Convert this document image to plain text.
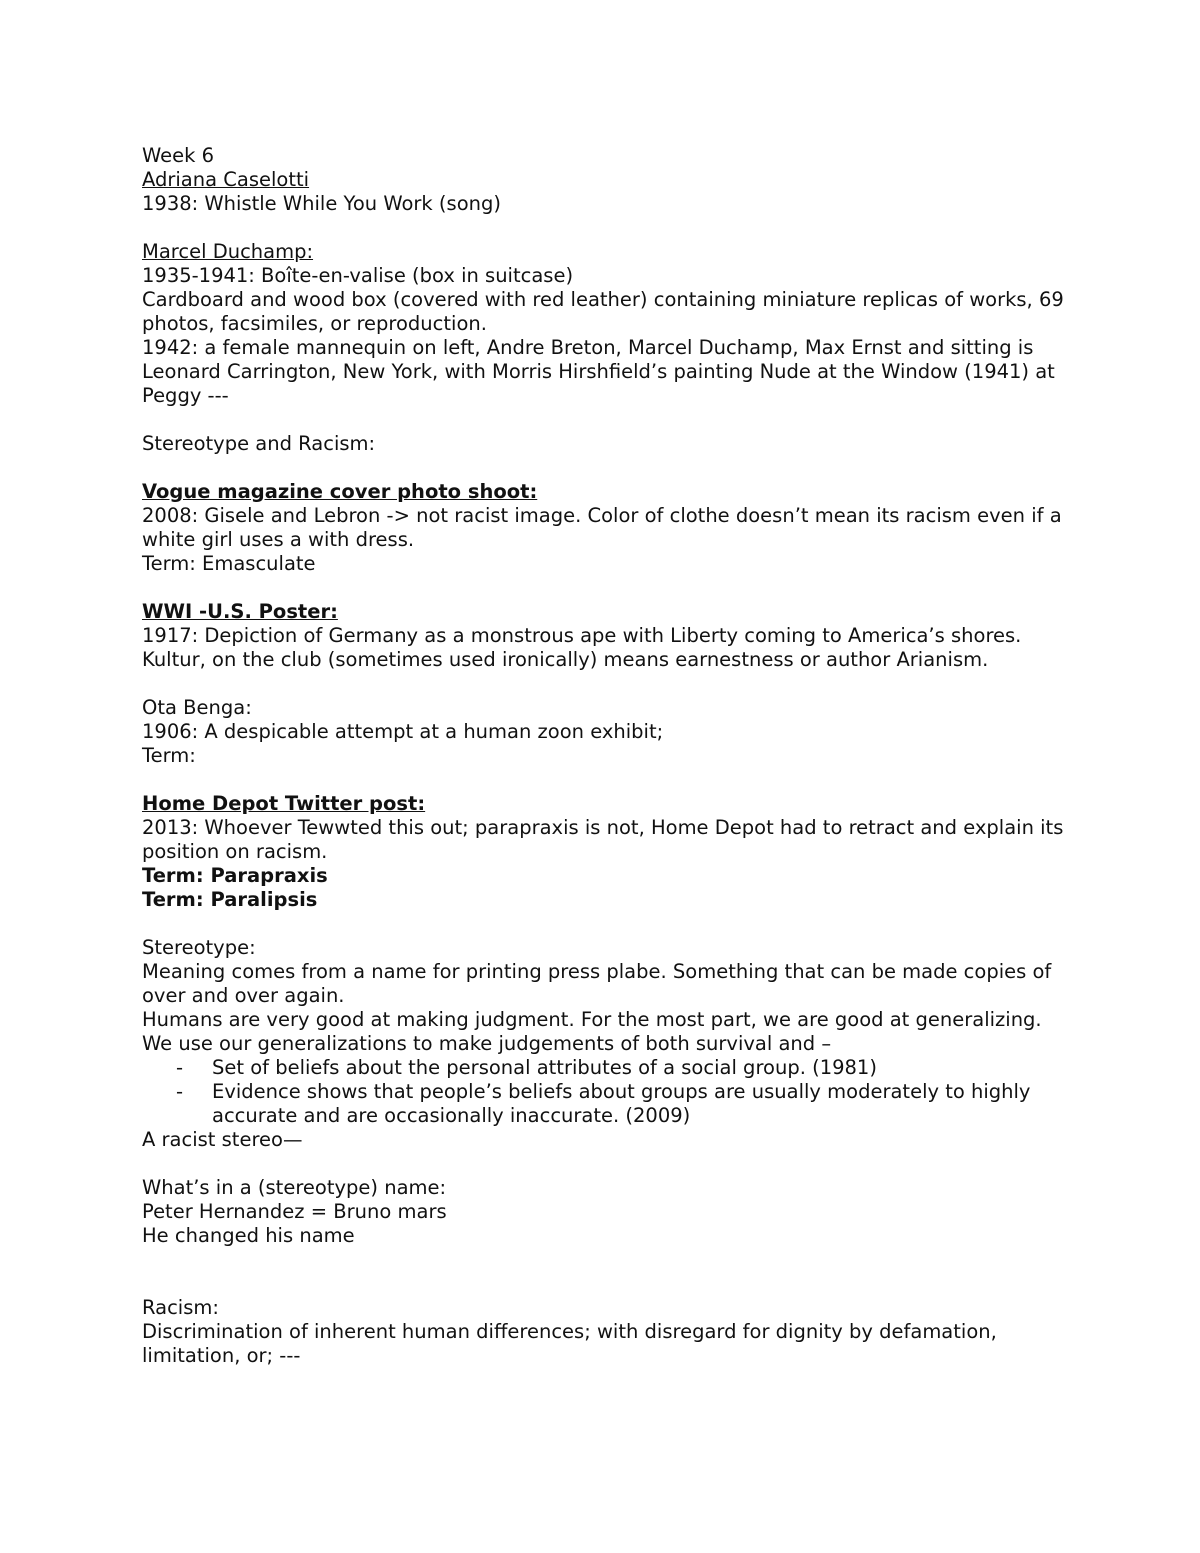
Week 6
Adriana Caselotti
1938: Whistle While You Work (song)
Marcel Duchamp:
1935-1941: Boîte-en-valise (box in suitcase)
Cardboard and wood box (covered with red leather) containing miniature replicas of works, 69 photos, facsimiles, or reproduction.
1942: a female mannequin on left, Andre Breton, Marcel Duchamp, Max Ernst and sitting is Leonard Carrington, New York, with Morris Hirshfield’s painting Nude at the Window (1941) at Peggy ---
Stereotype and Racism:
Vogue magazine cover photo shoot:
2008: Gisele and Lebron -> not racist image. Color of clothe doesn’t mean its racism even if a white girl uses a with dress.
Term: Emasculate
WWI -U.S. Poster:
1917: Depiction of Germany as a monstrous ape with Liberty coming to America’s shores.
Kultur, on the club (sometimes used ironically) means earnestness or author Arianism.
Ota Benga:
1906: A despicable attempt at a human zoon exhibit;
Term:
Home Depot Twitter post:
2013: Whoever Tewwted this out; parapraxis is not, Home Depot had to retract and explain its position on racism.
Term: Parapraxis
Term: Paralipsis
Stereotype:
Meaning comes from a name for printing press plabe. Something that can be made copies of over and over again.
Humans are very good at making judgment. For the most part, we are good at generalizing. We use our generalizations to make judgements of both survival and –
- Set of beliefs about the personal attributes of a social group. (1981)
- Evidence shows that people’s beliefs about groups are usually moderately to highly accurate and are occasionally inaccurate. (2009)
A racist stereo—
What’s in a (stereotype) name:
Peter Hernandez = Bruno mars
He changed his name
Racism:
Discrimination of inherent human differences; with disregard for dignity by defamation, limitation, or; ---
